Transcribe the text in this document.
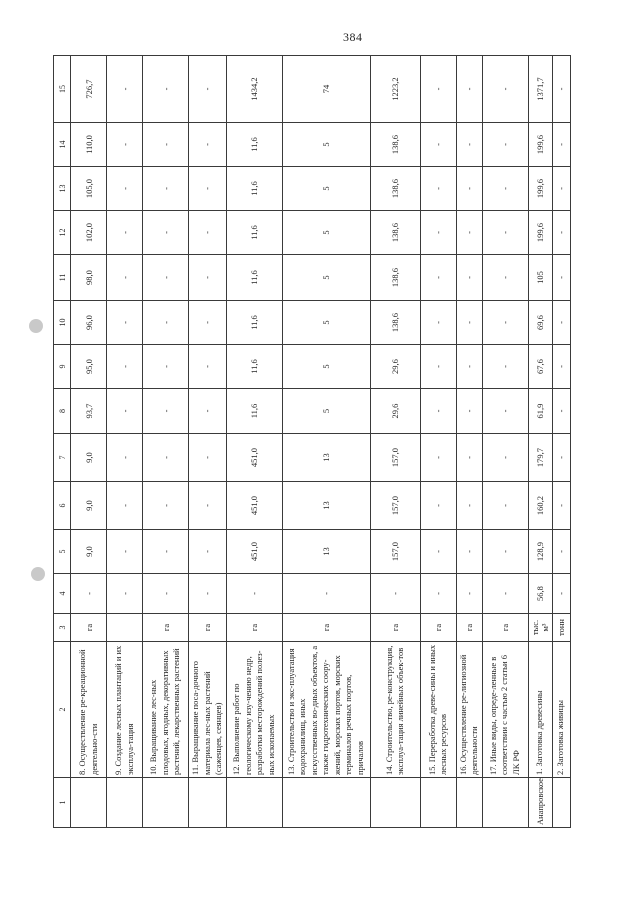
384
1	2	3	4	5	6	7	8	9	10	11	12	13	14	15
	8. Осуществление ре-креационной деятельно-сти	га	-	9,0	9,0	9,0	93,7	95,0	96,0	98,0	102,0	105,0	110,0	726,7
	9. Создание лесных плантаций и их эксплуа-тация		-	-	-	-	-	-	-	-	-	-	-	-
	10. Выращивание лес-ных плодовых, ягодных, декоративных растений, лекарственных растений	га	-	-	-	-	-	-	-	-	-	-	-	-
	11. Выращивание поса-дочного материала лес-ных растений (саженцев, сеянцев)	га	-	-	-	-	-	-	-	-	-	-	-	-
	12. Выполнение работ по геологическому изу-чению недр, разработки месторождений полез-ных ископаемых	га	-	451,0	451,0	451,0	11,6	11,6	11,6	11,6	11,6	11,6	11,6	1434,2
	13. Строительство и экс-плуатация водохранилищ, иных искусственных во-дных объектов, а также гидротехнических соору-жений, морских портов, морских терминалов речных портов, причалов	га	-	13	13	13	5	5	5	5	5	5	5	74
	14. Строительство, ре-конструкция, эксплуа-тация линейных объек-тов	га	-	157,0	157,0	157,0	29,6	29,6	138,6	138,6	138,6	138,6	138,6	1223,2
	15. Переработка древе-сины и иных лесных ресурсов	га	-	-	-	-	-	-	-	-	-	-	-	-
	16. Осуществление ре-лигиозной деятельности	га	-	-	-	-	-	-	-	-	-	-	-	-
	17. Иные виды, опреде-ленные в соответствии с частью 2 статьи 6 ЛК РФ	га	-	-	-	-	-	-	-	-	-	-	-	-
Анапровское	1. Заготовка древесины	тыс. м³	56,8	128,9	160,2	179,7	61,9	67,6	69,6	105	199,6	199,6	199,6	1371,7
	2. Заготовка живицы	тонн	-	-	-	-	-	-	-	-	-	-	-	-
